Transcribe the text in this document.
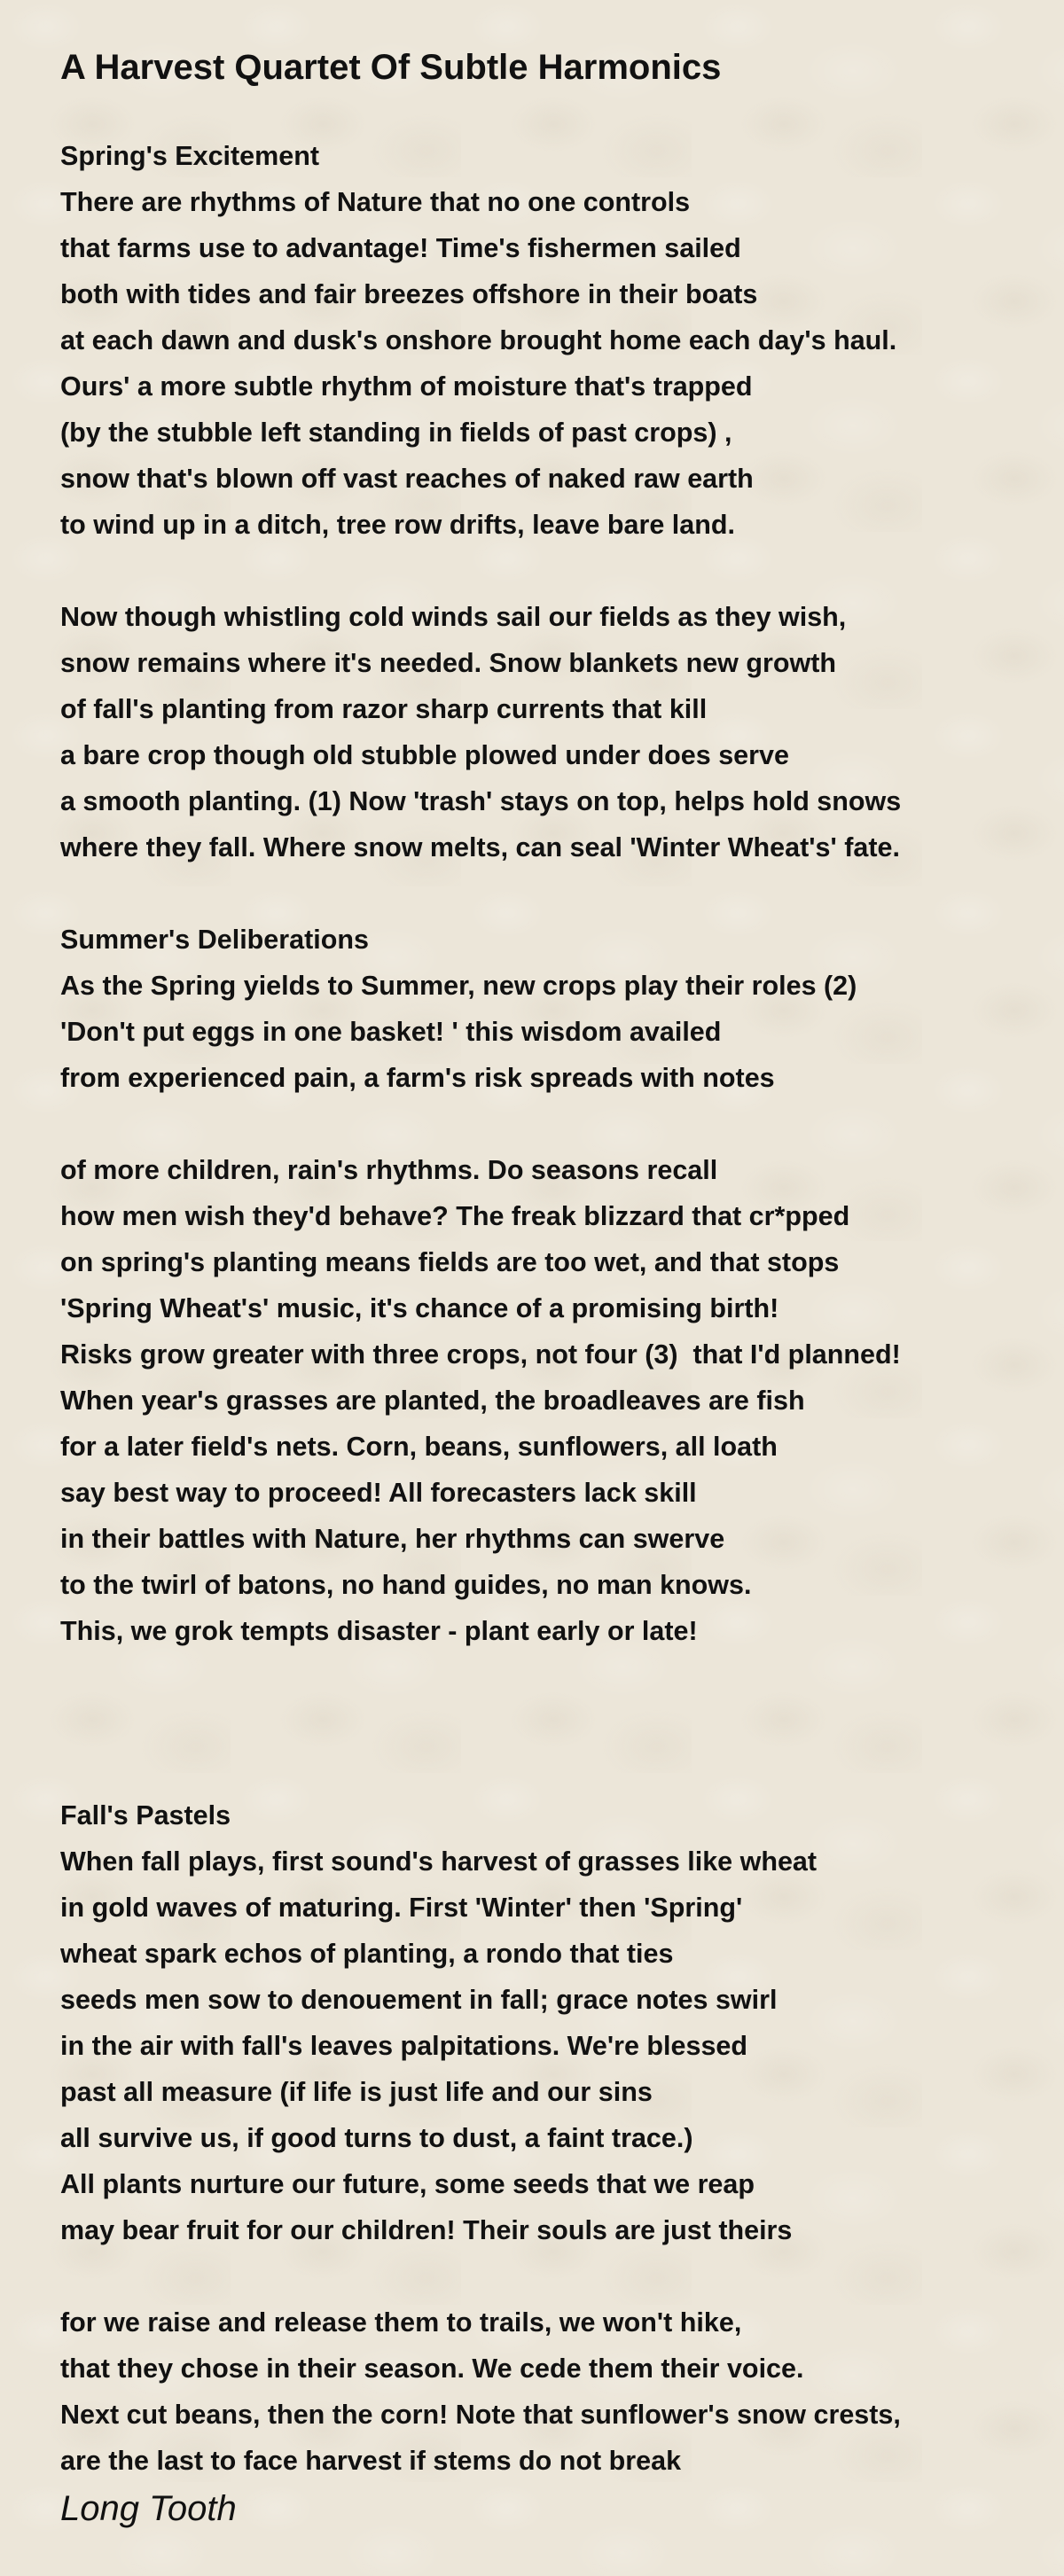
A Harvest Quartet Of Subtle Harmonics
Spring's Excitement
There are rhythms of Nature that no one controls
that farms use to advantage! Time's fishermen sailed
both with tides and fair breezes offshore in their boats
at each dawn and dusk's onshore brought home each day's haul.
Ours' a more subtle rhythm of moisture that's trapped
(by the stubble left standing in fields of past crops) ,
snow that's blown off vast reaches of naked raw earth
to wind up in a ditch, tree row drifts, leave bare land.
Now though whistling cold winds sail our fields as they wish,
snow remains where it's needed. Snow blankets new growth
of fall's planting from razor sharp currents that kill
a bare crop though old stubble plowed under does serve
a smooth planting. (1) Now 'trash' stays on top, helps hold snows
where they fall. Where snow melts, can seal 'Winter Wheat's' fate.
Summer's Deliberations
As the Spring yields to Summer, new crops play their roles (2)
'Don't put eggs in one basket! ' this wisdom availed
from experienced pain, a farm's risk spreads with notes
of more children, rain's rhythms. Do seasons recall
how men wish they'd behave? The freak blizzard that cr*pped
on spring's planting means fields are too wet, and that stops
'Spring Wheat's' music, it's chance of a promising birth!
Risks grow greater with three crops, not four (3)  that I'd planned!
When year's grasses are planted, the broadleaves are fish
for a later field's nets. Corn, beans, sunflowers, all loath
say best way to proceed! All forecasters lack skill
in their battles with Nature, her rhythms can swerve
to the twirl of batons, no hand guides, no man knows.
This, we grok tempts disaster - plant early or late!
Fall's Pastels
When fall plays, first sound's harvest of grasses like wheat
in gold waves of maturing. First 'Winter' then 'Spring'
wheat spark echos of planting, a rondo that ties
seeds men sow to denouement in fall; grace notes swirl
in the air with fall's leaves palpitations. We're blessed
past all measure (if life is just life and our sins
all survive us, if good turns to dust, a faint trace.)
All plants nurture our future, some seeds that we reap
may bear fruit for our children! Their souls are just theirs
for we raise and release them to trails, we won't hike,
that they chose in their season. We cede them their voice.
Next cut beans, then the corn! Note that sunflower's snow crests,
are the last to face harvest if stems do not break
Long Tooth
